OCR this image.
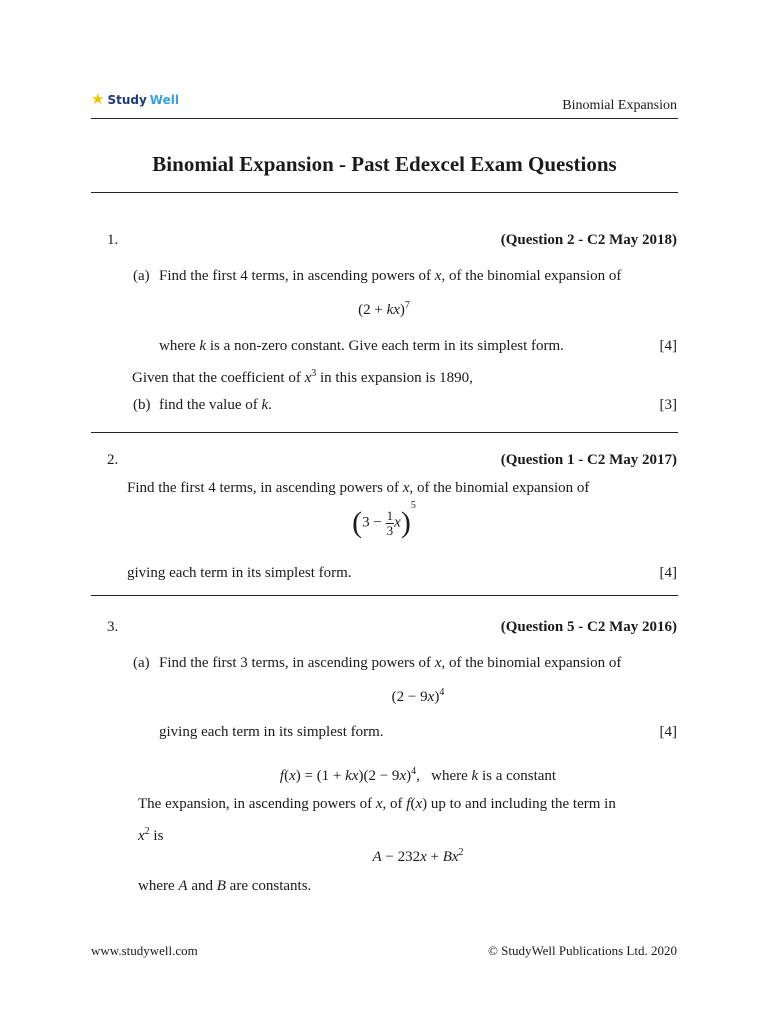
★ Study Well	Binomial Expansion
Binomial Expansion - Past Edexcel Exam Questions
1.	(Question 2 - C2 May 2018)
(a) Find the first 4 terms, in ascending powers of x, of the binomial expansion of
(2 + kx)$^7$
where k is a non-zero constant. Give each term in its simplest form.	[4]
Given that the coefficient of $x^3$ in this expansion is 1890,
(b) find the value of k.	[3]
2.	(Question 1 - C2 May 2017)
Find the first 4 terms, in ascending powers of x, of the binomial expansion of
$(3 - \frac{1}{3} x)^5$
giving each term in its simplest form.	[4]
3.	(Question 5 - C2 May 2016)
(a) Find the first 3 terms, in ascending powers of x, of the binomial expansion of
$(2 - 9x)^4$
giving each term in its simplest form.	[4]
$f(x) = (1 + kx)(2 - 9x)^4$,   where k is a constant
The expansion, in ascending powers of x, of f(x) up to and including the term in
$x^2$ is
$A - 232x + Bx^2$
where A and B are constants.
www.studywell.com	© StudyWell Publications Ltd. 2020
